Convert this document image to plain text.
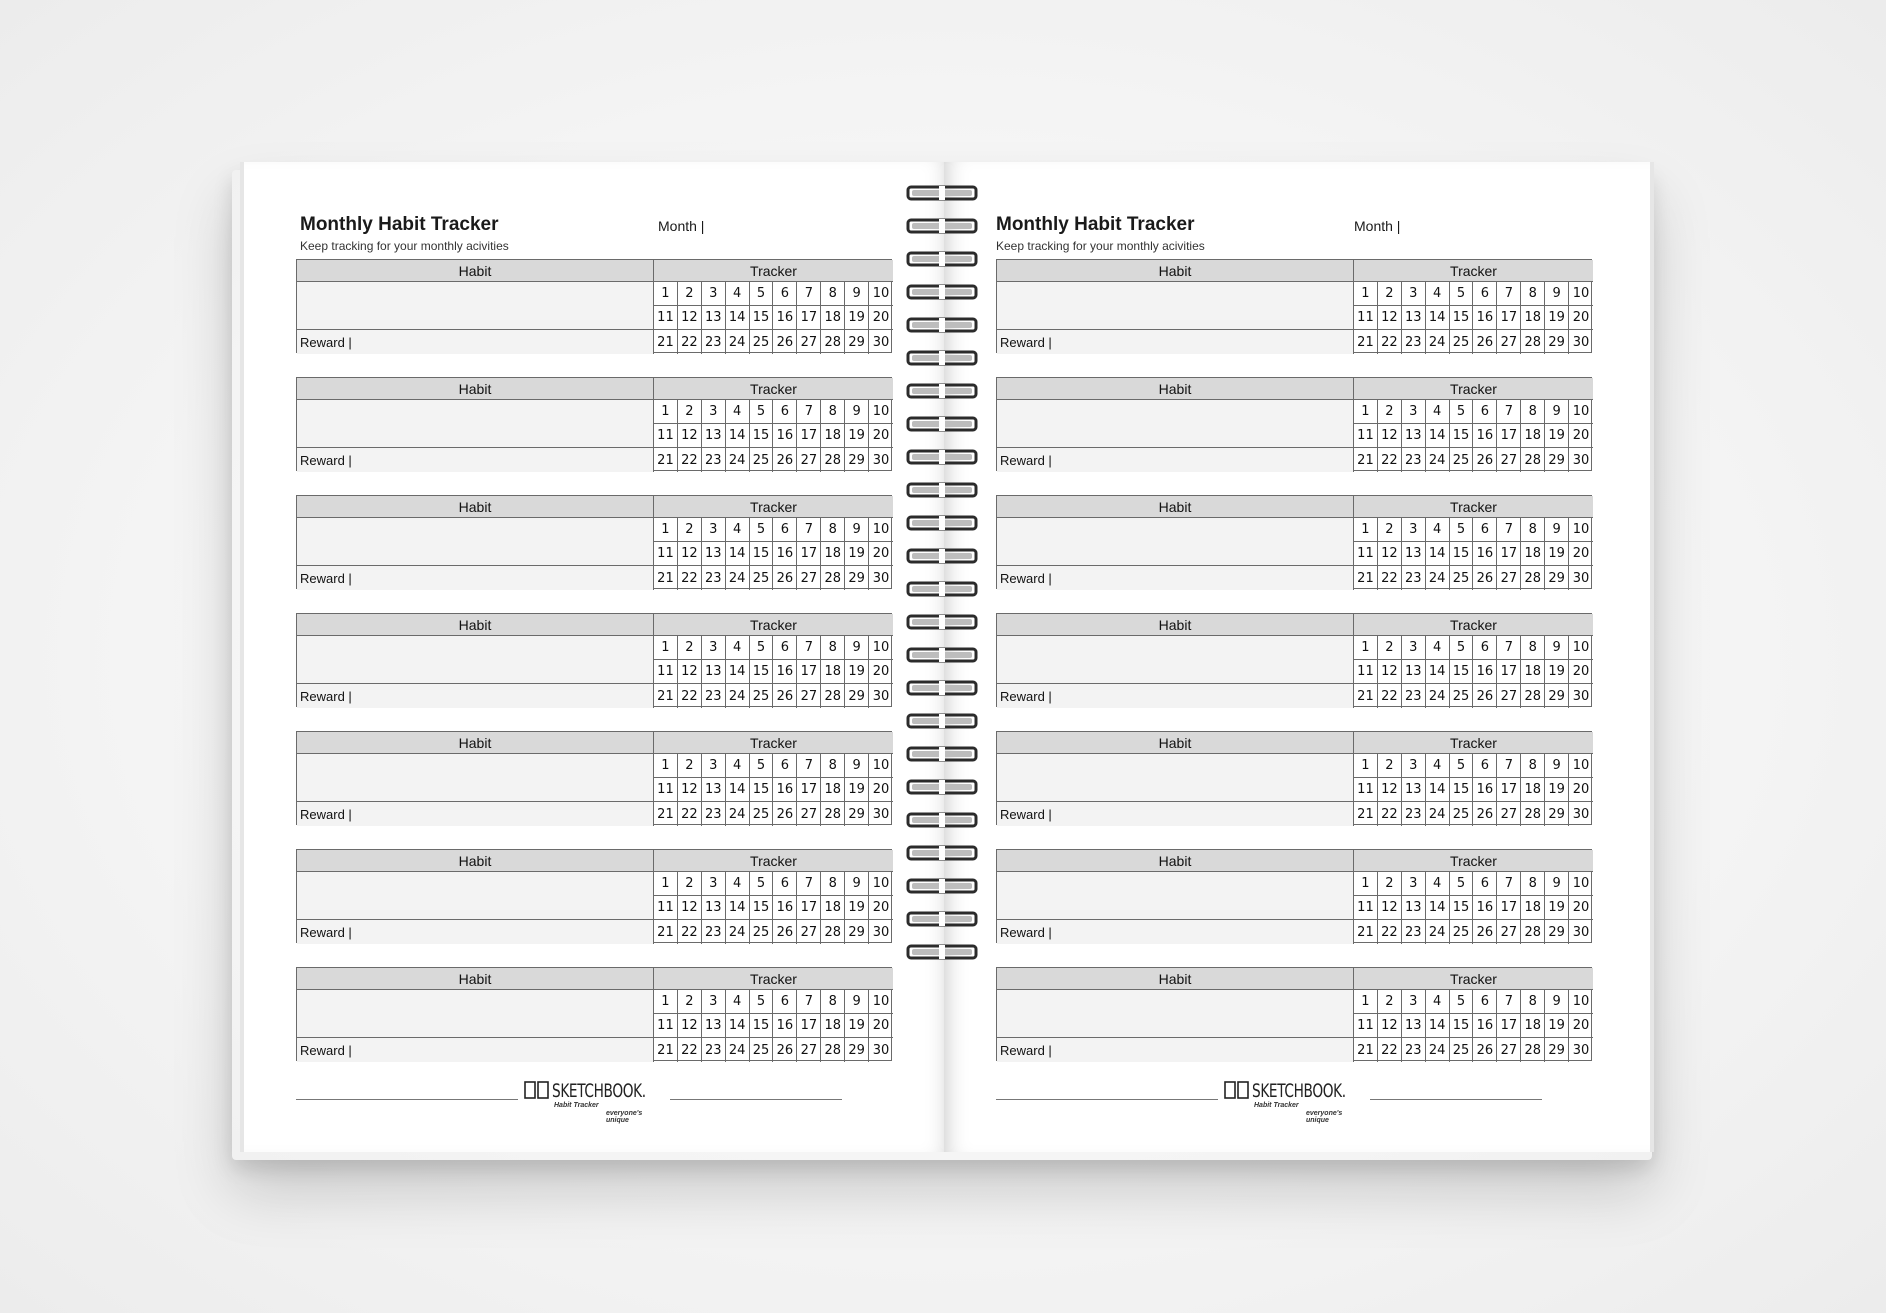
Monthly Habit Tracker
Keep tracking for your monthly acivities
Month |
Habit	Tracker
1	2	3	4	5	6	7	8	9 10
11 12 13 14 15 16 17 18 19 20
Reward |	21 22 23 24 25 26 27 28 29 30
Habit	Tracker
1	2	3	4	5	6	7	8	9 10
11 12 13 14 15 16 17 18 19 20
Reward |	21 22 23 24 25 26 27 28 29 30
Habit	Tracker
1	2	3	4	5	6	7	8	9 10
11 12 13 14 15 16 17 18 19 20
Reward |	21 22 23 24 25 26 27 28 29 30
Habit	Tracker
1	2	3	4	5	6	7	8	9 10
11 12 13 14 15 16 17 18 19 20
Reward |	21 22 23 24 25 26 27 28 29 30
Habit	Tracker
1	2	3	4	5	6	7	8	9 10
11 12 13 14 15 16 17 18 19 20
Reward |	21 22 23 24 25 26 27 28 29 30
Habit	Tracker
1	2	3	4	5	6	7	8	9 10
11 12 13 14 15 16 17 18 19 20
Reward |	21 22 23 24 25 26 27 28 29 30
Habit	Tracker
1	2	3	4	5	6	7	8	9 10
11 12 13 14 15 16 17 18 19 20
Reward |	21 22 23 24 25 26 27 28 29 30
SKETCHBOOK.
Habit Tracker
everyone's unique
Monthly Habit Tracker
Keep tracking for your monthly acivities
Month |
Habit	Tracker
1	2	3	4	5	6	7	8	9 10
11 12 13 14 15 16 17 18 19 20
Reward |	21 22 23 24 25 26 27 28 29 30
Habit	Tracker
1	2	3	4	5	6	7	8	9 10
11 12 13 14 15 16 17 18 19 20
Reward |	21 22 23 24 25 26 27 28 29 30
Habit	Tracker
1	2	3	4	5	6	7	8	9 10
11 12 13 14 15 16 17 18 19 20
Reward |	21 22 23 24 25 26 27 28 29 30
Habit	Tracker
1	2	3	4	5	6	7	8	9 10
11 12 13 14 15 16 17 18 19 20
Reward |	21 22 23 24 25 26 27 28 29 30
Habit	Tracker
1	2	3	4	5	6	7	8	9 10
11 12 13 14 15 16 17 18 19 20
Reward |	21 22 23 24 25 26 27 28 29 30
Habit	Tracker
1	2	3	4	5	6	7	8	9 10
11 12 13 14 15 16 17 18 19 20
Reward |	21 22 23 24 25 26 27 28 29 30
Habit	Tracker
1	2	3	4	5	6	7	8	9 10
11 12 13 14 15 16 17 18 19 20
Reward |	21 22 23 24 25 26 27 28 29 30
SKETCHBOOK.
Habit Tracker
everyone's unique
